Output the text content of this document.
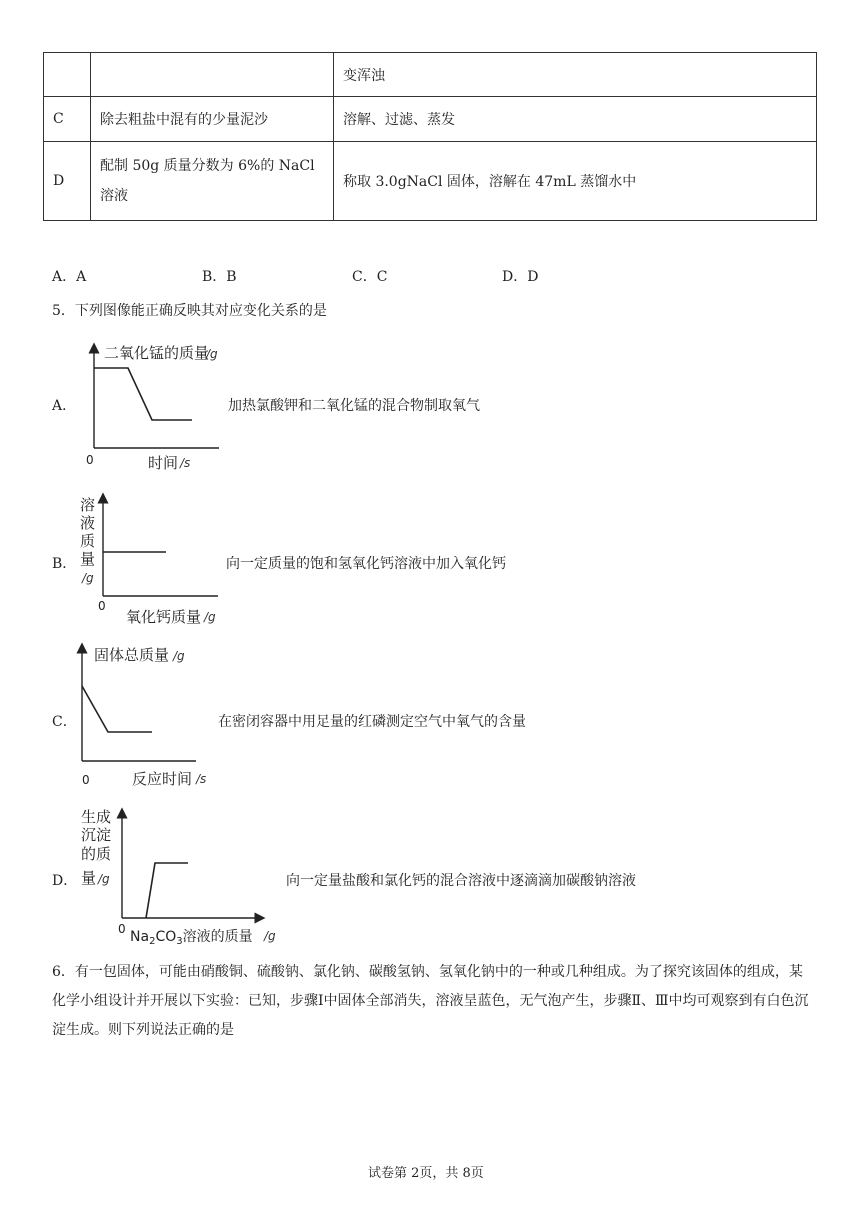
		变浑浊
C	除去粗盐中混有的少量泥沙	溶解、过滤、蒸发
D	配制 50g 质量分数为 6%的 NaCl 溶液	称取 3.0gNaCl 固体，溶解在 47mL 蒸馏水中
A．A	B．B	C．C	D．D
5．下列图像能正确反映其对应变化关系的是
A．
二氧化锰的质量
/g
0	时间 /s
加热氯酸钾和二氧化锰的混合物制取氧气
B．
溶
液
质
量
/g
0
氧化钙质量 /g
向一定质量的饱和氢氧化钙溶液中加入氧化钙
C．
固体总质量 /g
0	反应时间 /s
在密闭容器中用足量的红磷测定空气中氧气的含量
D．
生成
沉淀
的质
量 /g
0 $Na_2CO_3$溶液的质量 /g
向一定量盐酸和氯化钙的混合溶液中逐滴滴加碳酸钠溶液
6．有一包固体，可能由硝酸铜、硫酸钠、氯化钠、碳酸氢钠、氢氧化钠中的一种或几种组成。为了探究该固体的组成，某化学小组设计并开展以下实验：已知，步骤Ⅰ中固体全部消失，溶液呈蓝色，无气泡产生，步骤Ⅱ、Ⅲ中均可观察到有白色沉淀生成。则下列说法正确的是
试卷第 2页，共 8页
